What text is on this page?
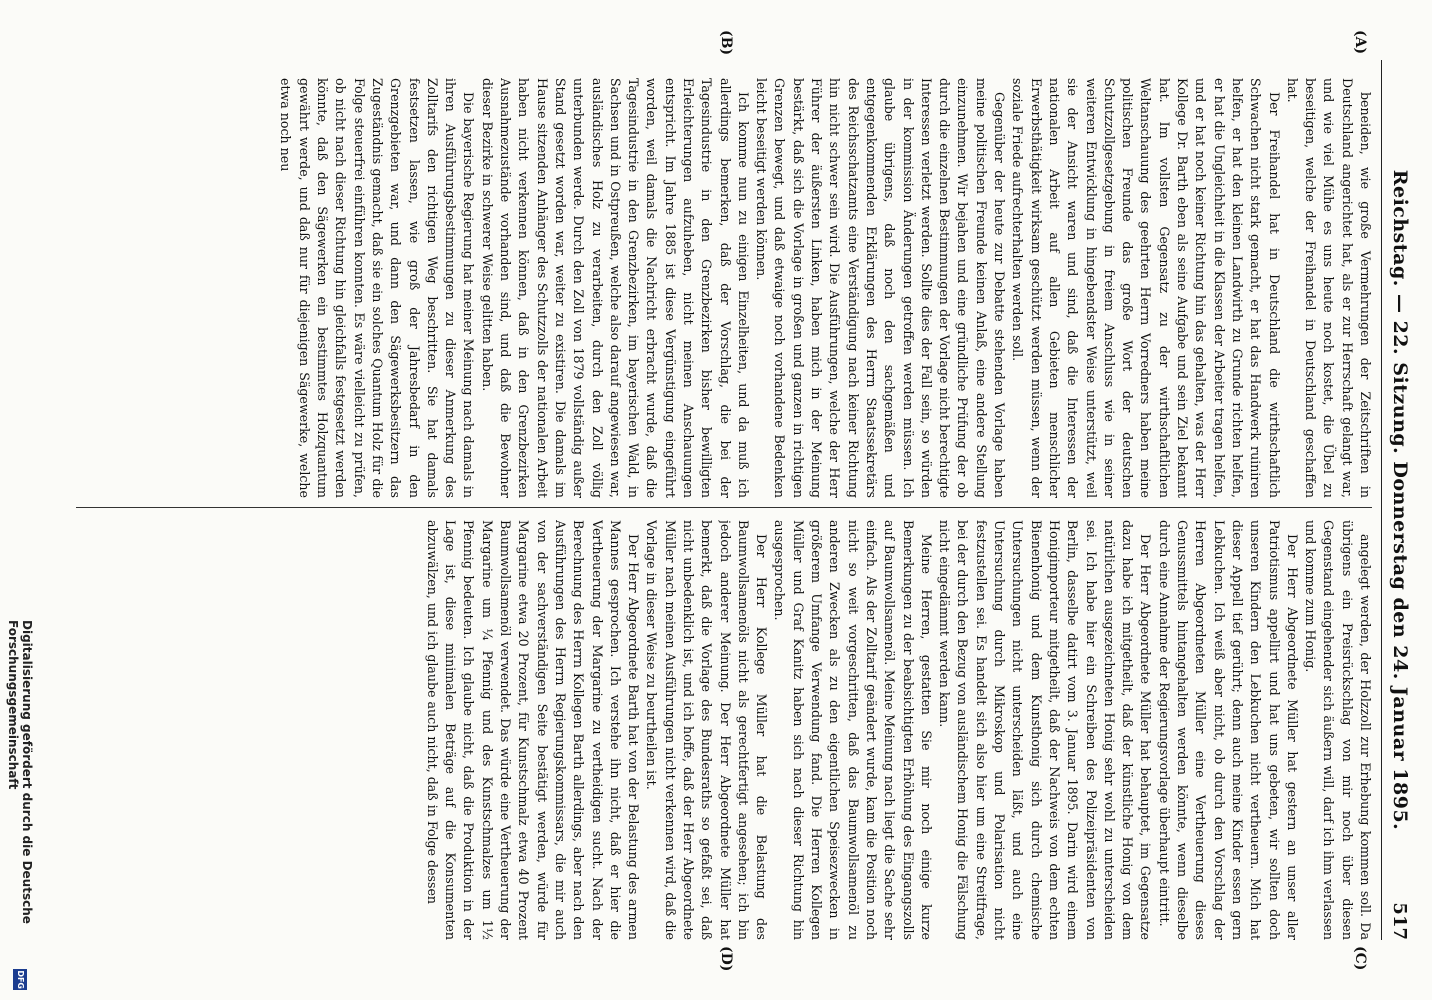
Reichstag. — 22. Sitzung. Donnerstag den 24. Januar 1895.
517
(A)
(B)
(C)
(D)

beneiden, wie große Vermehrungen der Zeitschriften in Deutschland angerichtet hat, als er zur Herrschaft gelangt war, und wie viel Mühe es uns heute noch kostet, die Übel zu beseitigen, welche der Freihandel in Deutschland geschaffen hat.

Der Freihandel hat in Deutschland die wirthschaftlich Schwachen nicht stark gemacht, er hat das Handwerk ruiniren helfen, er hat den kleinen Landwirth zu Grunde richten helfen, er hat die Ungleichheit in die Klassen der Arbeiter tragen helfen, und er hat noch keiner Richtung hin das gehalten, was der Herr Kollege Dr. Barth eben als seine Aufgabe und sein Ziel bekannt hat. Im vollsten Gegensatz zu der wirthschaftlichen Weltanschauung des geehrten Herrn Vorredners haben meine politischen Freunde das große Wort der deutschen Schutzzollgesetzgebung in freiem Anschluss wie in seiner weiteren Entwicklung in hingebendster Weise unterstützt, weil sie der Ansicht waren und sind, daß die Interessen der nationalen Arbeit auf allen Gebieten menschlicher Erwerbsthätigkeit wirksam geschützt werden müssen, wenn der soziale Friede aufrechterhalten werden soll.

Gegenüber der heute zur Debatte stehenden Vorlage haben meine politischen Freunde keinen Anlaß, eine andere Stellung einzunehmen. Wir bejahen und eine gründliche Prüfung der ob durch die einzelnen Bestimmungen der Vorlage nicht berechtigte Interessen verletzt werden. Sollte dies der Fall sein, so würden in der kommission Änderungen getroffen werden müssen. Ich glaube übrigens, daß noch den sachgemäßen und entgegenkommenden Erklärungen des Herrn Staatssekretärs des Reichsschatzamts eine Verständigung nach keiner Richtung hin nicht schwer sein wird. Die Ausführungen, welche der Herr Führer der äußersten Linken, haben mich in der Meinung bestärkt, daß sich die Vorlage in großen und ganzen in richtigen Grenzen bewegt, und daß etwaige noch vorhandene Bedenken leicht beseitigt werden können.

Ich komme nun zu einigen Einzelheiten, und da muß ich allerdings bemerken, daß der Vorschlag, die bei der Tagesindustrie in den Grenzbezirken bisher bewilligten Erleichterungen aufzuheben, nicht meinen Anschauungen entspricht. Im Jahre 1885 ist diese Vergünstigung eingeführt worden, weil damals die Nachricht erbracht wurde, daß die Tagesindustrie in den Grenzbezirken, im bayerischen Wald, in Sachsen und in Ostpreußen, welche also darauf angewiesen war, ausländisches Holz zu verarbeiten, durch den Zoll völlig unterbunden werde. Durch den Zoll von 1879 vollständig außer Stand gesetzt worden war, weiter zu existiren. Die damals im Hause sitzenden Anhänger des Schutzzolls der nationalen Arbeit haben nicht verkennen können, daß in den Grenzbezirken Ausnahmezustände vorhanden sind, und daß die Bewohner dieser Bezirke in schwerer Weise gelitten haben.

Die bayerische Regierung hat meiner Meinung nach damals in ihren Ausführungsbestimmungen zu dieser Anmerkung des Zolltarifs den richtigen Weg beschritten. Sie hat damals festsetzen lassen, wie groß der Jahresbedarf in den Grenzgebieten war, und dann den Sägewerksbesitzern das Zugeständnis gemacht, daß sie ein solches Quantum Holz für die Folge steuerfrei einführen konnten. Es wäre vielleicht zu prüfen, ob nicht nach dieser Richtung hin gleichfalls festgesetzt werden könnte, daß den Sägewerken ein bestimmtes Holzquantum gewährt werde, und daß nur für diejenigen Sägewerke, welche etwa noch neu

angelegt werden, der Holzzoll zur Erhebung kommen soll. Da übrigens ein Preisrückschlag von mir noch über diesen Gegenstand eingehender sich äußern will, darf ich ihm verlassen und komme zum Honig.

Der Herr Abgeordnete Müller hat gestern an unser aller Patriotismus appellirt und hat uns gebeten, wir sollten doch unseren Kindern den Lebkuchen nicht vertheuern. Mich hat dieser Appell tief gerührt; denn auch meine Kinder essen gern Lebkuchen. Ich weiß aber nicht, ob durch den Vorschlag der Herren Abgeordneten Müller eine Vertheuerung dieses Genussmittels hintangehalten werden könnte, wenn dieselbe durch eine Annahme der Regierungsvorlage überhaupt eintritt.

Der Herr Abgeordnete Müller hat behauptet, im Gegensatze dazu habe ich mitgetheilt, daß der künstliche Honig von dem natürlichen ausgezeichneten Honig sehr wohl zu unterscheiden sei. Ich habe hier ein Schreiben des Polizeipräsidenten von Berlin, dasselbe datirt vom 3. Januar 1895. Darin wird einem Honigimporteur mitgetheilt, daß der Nachweis von dem echten Bienenhonig und dem Kunsthonig sich durch chemische Untersuchungen nicht unterscheiden läßt, und auch eine Untersuchung durch Mikroskop und Polarisation nicht festzustellen sei. Es handelt sich also hier um eine Streitfrage, bei der durch den Bezug von ausländischem Honig die Fälschung nicht eingedämmt werden kann.

Meine Herren, gestatten Sie mir noch einige kurze Bemerkungen zu der beabsichtigten Erhöhung des Eingangszolls auf Baumwollsamenöl. Meine Meinung nach liegt die Sache sehr einfach. Als der Zolltarif geändert wurde, kam die Position noch nicht so weit vorgeschritten, daß das Baumwollsamenöl zu anderen Zwecken als zu den eigentlichen Speisezwecken in größerem Umfange Verwendung fand. Die Herren Kollegen Müller und Graf Kanitz haben sich nach dieser Richtung hin ausgesprochen.

Der Herr Kollege Müller hat die Belastung des Baumwollsamenöls nicht als gerechtfertigt angesehen; ich bin jedoch anderer Meinung. Der Herr Abgeordnete Müller hat bemerkt, daß die Vorlage des Bundesraths so gefaßt sei, daß nicht unbedenklich ist, und ich hoffe, daß der Herr Abgeordnete Müller nach meinen Ausführungen nicht verkennen wird, daß die Vorlage in dieser Weise zu beurtheilen ist.

Der Herr Abgeordnete Barth hat von der Belastung des armen Mannes gesprochen. Ich verstehe ihn nicht, daß er hier die Vertheuerung der Margarine zu vertheidigen sucht. Nach der Berechnung des Herrn Kollegen Barth allerdings, aber nach den Ausführungen des Herrn Regierungskommissars, die mir auch von der sachverständigen Seite bestätigt werden, würde für Margarine etwa 20 Prozent, für Kunstschmalz etwa 40 Prozent Baumwollsamenöl verwendet. Das würde eine Vertheuerung der Margarine um ¼ Pfennig und des Kunstschmalzes um 1½ Pfennig bedeuten. Ich glaube nicht, daß die Produktion in der Lage ist, diese minimalen Beträge auf die Konsumenten abzuwälzen, und ich glaube auch nicht, daß in Folge dessen

Digitalisierung gefördert durch die Deutsche Forschungsgemeinschaft
DFG
